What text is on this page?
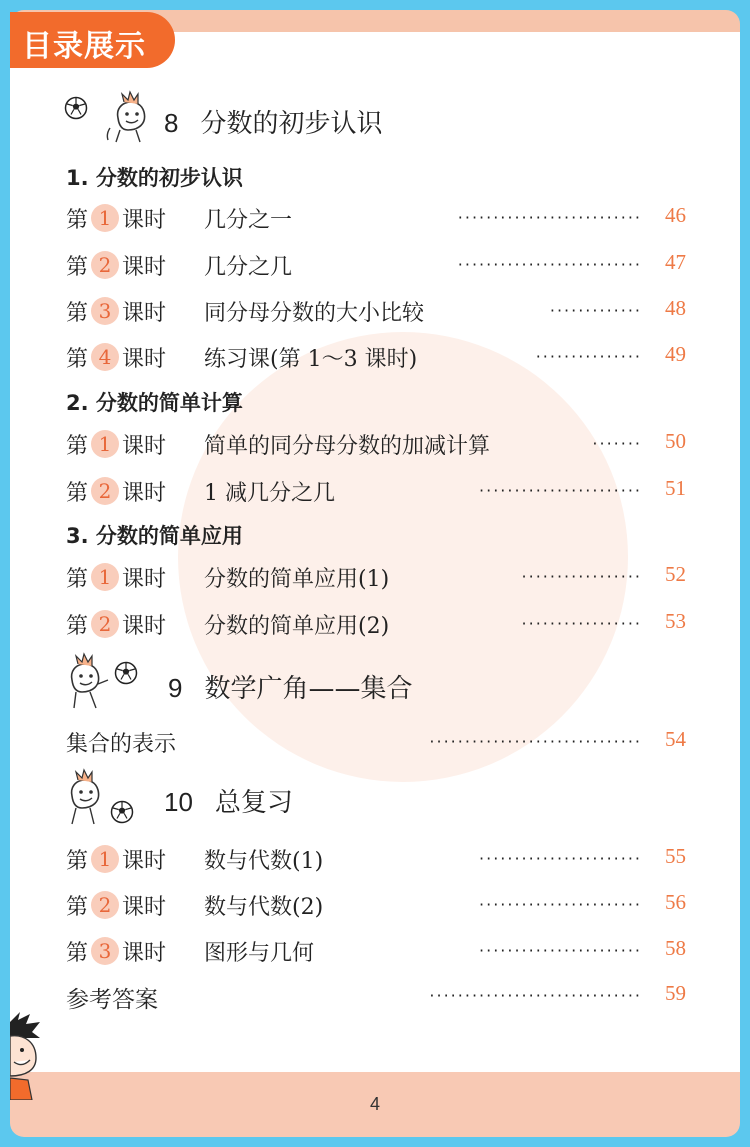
4
目录展示
8 分数的初步认识
1. 分数的初步认识
第 1 课时 几分之一	·························· 46
第 2 课时 几分之几	·························· 47
第 3 课时 同分母分数的大小比较	············· 48
第 4 课时 练习课(第 1～3 课时)	··············· 49
2. 分数的简单计算
第 1 课时 简单的同分母分数的加减计算	······· 50
第 2 课时 1 减几分之几	······················· 51
3. 分数的简单应用
第 1 课时 分数的简单应用(1)	················· 52
第 2 课时 分数的简单应用(2)	················· 53
9 数学广角——集合
集合的表示	······························ 54
10 总复习
第 1 课时 数与代数(1)	······················· 55
第 2 课时 数与代数(2)	······················· 56
第 3 课时 图形与几何	······················· 58
参考答案	······························ 59
